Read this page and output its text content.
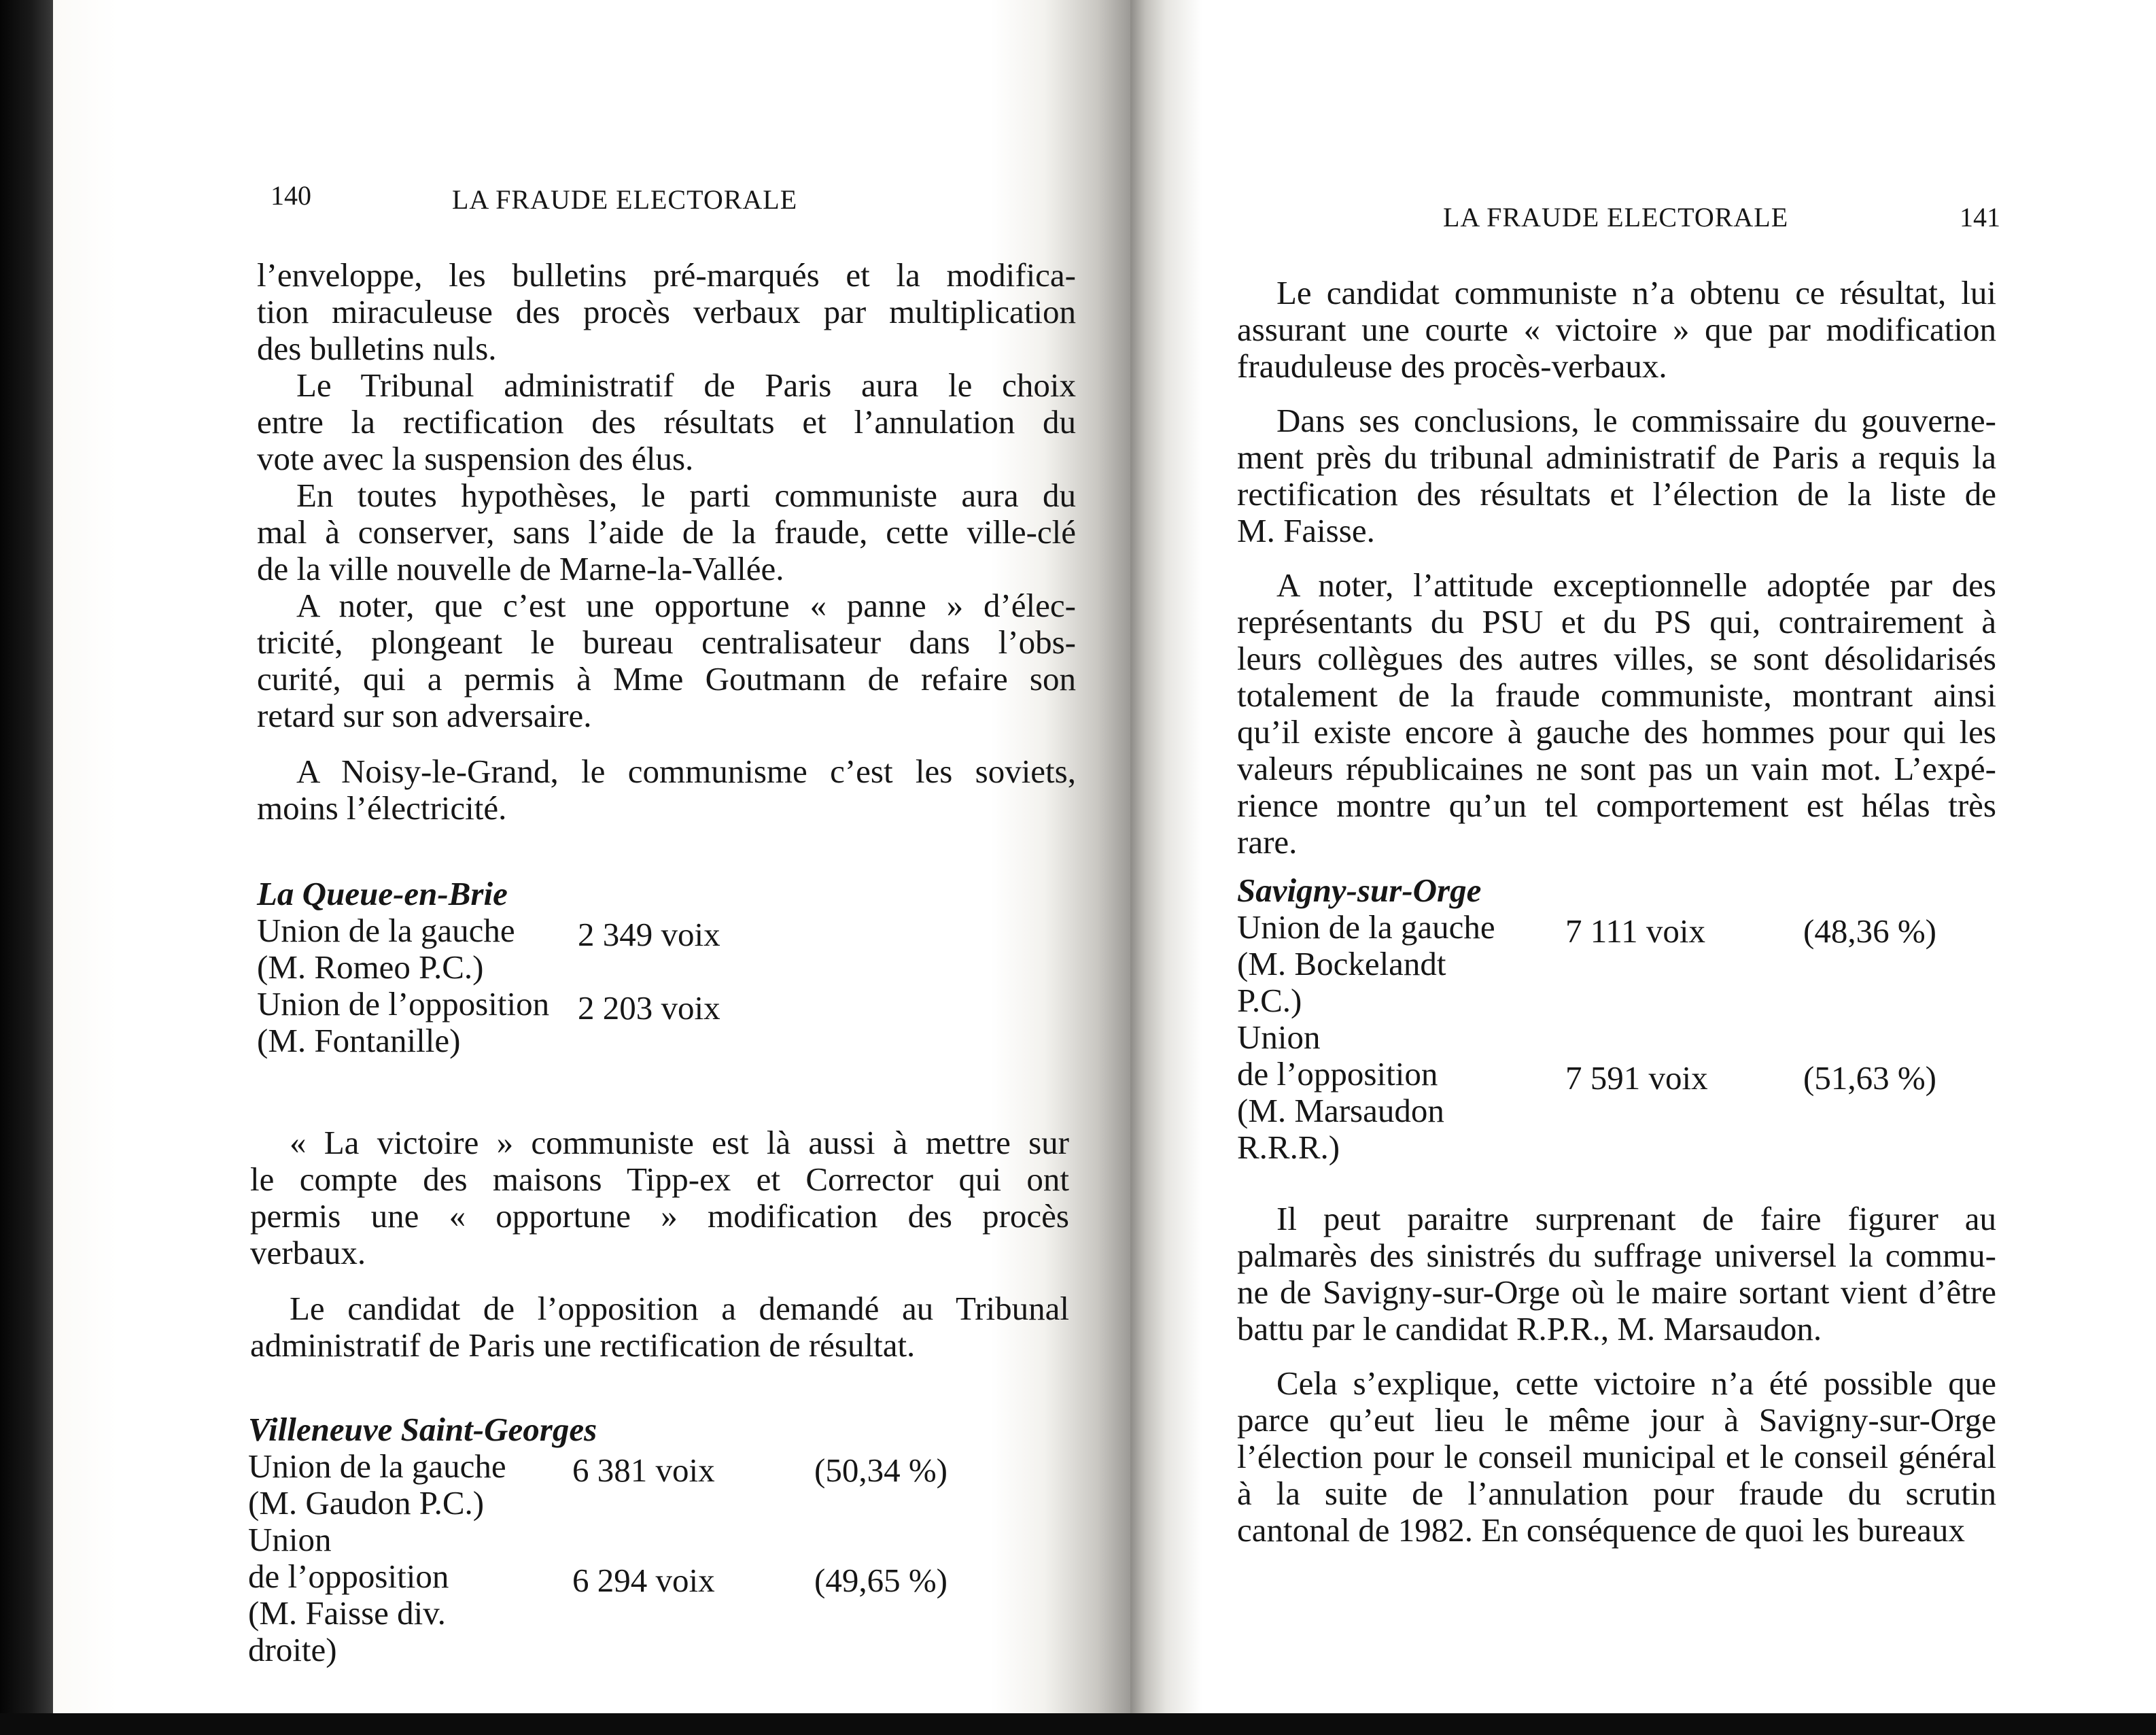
140	LA FRAUDE ELECTORALE
l’enveloppe, les bulletins pré-marqués et la modifica-
tion miraculeuse des procès verbaux par multiplication
des bulletins nuls.
Le Tribunal administratif de Paris aura le choix
entre la rectification des résultats et l’annulation du
vote avec la suspension des élus.
En toutes hypothèses, le parti communiste aura du
mal à conserver, sans l’aide de la fraude, cette ville-clé
de la ville nouvelle de Marne-la-Vallée.
A noter, que c’est une opportune « panne » d’élec-
tricité, plongeant le bureau centralisateur dans l’obs-
curité, qui a permis à Mme Goutmann de refaire son
retard sur son adversaire.
A Noisy-le-Grand, le communisme c’est les soviets,
moins l’électricité.
La Queue-en-Brie
Union de la gauche 2 349 voix
(M. Romeo P.C.)
Union de l’opposition 2 203 voix
(M. Fontanille)
« La victoire » communiste est là aussi à mettre sur
le compte des maisons Tipp-ex et Corrector qui ont
permis une « opportune » modification des procès
verbaux.
Le candidat de l’opposition a demandé au Tribunal
administratif de Paris une rectification de résultat.
Villeneuve Saint-Georges
Union de la gauche 6 381 voix	(50,34 %)
(M. Gaudon P.C.)
Union
de l’opposition	6 294 voix	(49,65 %)
(M. Faisse div.
droite)
LA FRAUDE ELECTORALE	141
Le candidat communiste n’a obtenu ce résultat, lui
assurant une courte « victoire » que par modification
frauduleuse des procès-verbaux.
Dans ses conclusions, le commissaire du gouverne-
ment près du tribunal administratif de Paris a requis la
rectification des résultats et l’élection de la liste de
M. Faisse.
A noter, l’attitude exceptionnelle adoptée par des
représentants du PSU et du PS qui, contrairement à
leurs collègues des autres villes, se sont désolidarisés
totalement de la fraude communiste, montrant ainsi
qu’il existe encore à gauche des hommes pour qui les
valeurs républicaines ne sont pas un vain mot. L’expé-
rience montre qu’un tel comportement est hélas très
rare.
Savigny-sur-Orge
Union de la gauche 7 111 voix	(48,36 %)
(M. Bockelandt
P.C.)
Union
de l’opposition	7 591 voix	(51,63 %)
(M. Marsaudon
R.R.R.)
Il peut paraitre surprenant de faire figurer au
palmarès des sinistrés du suffrage universel la commu-
ne de Savigny-sur-Orge où le maire sortant vient d’être
battu par le candidat R.P.R., M. Marsaudon.
Cela s’explique, cette victoire n’a été possible que
parce qu’eut lieu le même jour à Savigny-sur-Orge
l’élection pour le conseil municipal et le conseil général
à la suite de l’annulation pour fraude du scrutin
cantonal de 1982. En conséquence de quoi les bureaux
